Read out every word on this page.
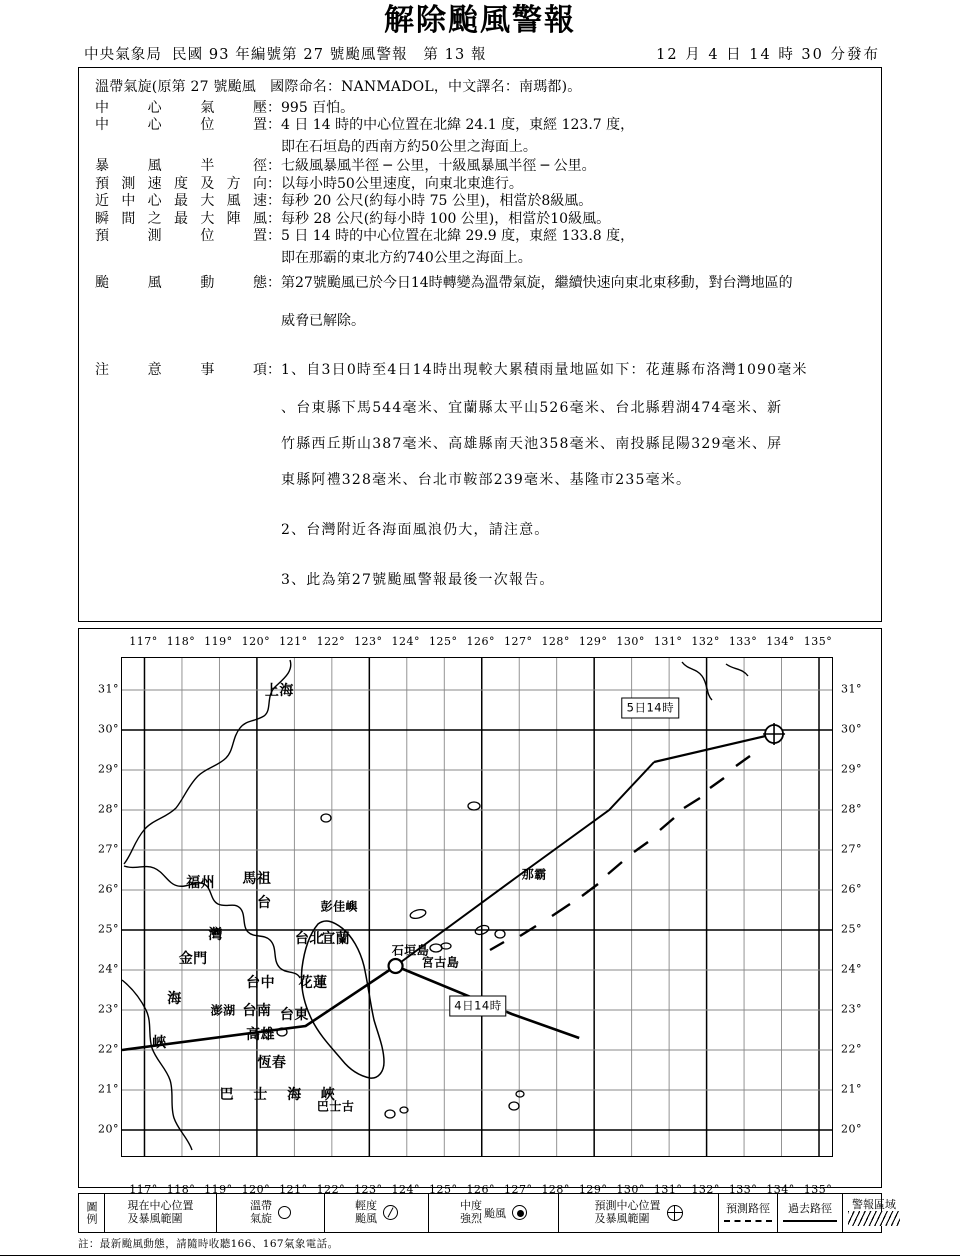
解除颱風警報
中央氣象局 民國 93 年編號第 27 號颱風警報　第 13 報	12 月 4 日 14 時 30 分發布
溫帶氣旋(原第 27 號颱風　國際命名：NANMADOL，中文譯名：南瑪都)。
中	心	氣	壓 ： 995 百怕。
中	心	位	置 ： 4 日 14 時的中心位置在北緯 24.1 度，東經 123.7 度，
即在石垣島的西南方約50公里之海面上。
暴	風	半	徑 ： 七級風暴風半徑 ─ 公里，十級風暴風半徑 ─ 公里。
預 測 速 度 及 方 向 ： 以每小時50公里速度，向東北東進行。
近 中 心 最 大 風 速 ： 每秒 20 公尺(約每小時 75 公里)，相當於8級風。
瞬 間 之 最 大 陣 風 ： 每秒 28 公尺(約每小時 100 公里)，相當於10級風。
預	測	位	置 ： 5 日 14 時的中心位置在北緯 29.9 度，東經 133.8 度，
即在那霸的東北方約740公里之海面上。
颱	風	動	態 ： 第27號颱風已於今日14時轉變為溫帶氣旋，繼續快速向東北東移動，對台灣地區的
威脅已解除。
注	意	事	項 ： 1、自3日0時至4日14時出現較大累積雨量地區如下：花蓮縣布洛灣1090毫米
、台東縣下馬544毫米、宜蘭縣太平山526毫米、台北縣碧湖474毫米、新
竹縣西丘斯山387毫米、高雄縣南天池358毫米、南投縣昆陽329毫米、屏
東縣阿禮328毫米、台北市鞍部239毫米、基隆市235毫米。
2、台灣附近各海面風浪仍大，請注意。
3、此為第27號颱風警報最後一次報告。
117° 118° 119° 120° 121° 122° 123° 124° 125° 126° 127° 128° 129° 130° 131° 132° 133° 134° 135°
117° 118° 119° 120° 121° 122° 123° 124° 125° 126° 127° 128° 129° 130° 131° 132° 133° 134° 135°
31°
30°
29°
28°
27°
26°
25°
24°
23°
22°
21°
20°
31°
30°
29°
28°
27°
26°
25°
24°
23°
22°
21°
20°
上海
福州 馬祖
彭佳嶼
台北
宜蘭
金門
台中 花蓮
澎湖 台南 台東
高雄
恆春
石垣島
宮古島
那霸
巴士古
台
灣
海
峽
巴 士 海 峽
5日14時
4日14時
圖例	現在中心位置
及暴風範圍
溫帶
氣旋
輕度
颱風
中度
強烈 颱風
預測中心位置
及暴風範圍
預測路徑 過去路徑 警報區域
註：最新颱風動態，請隨時收聽166、167氣象電話。
